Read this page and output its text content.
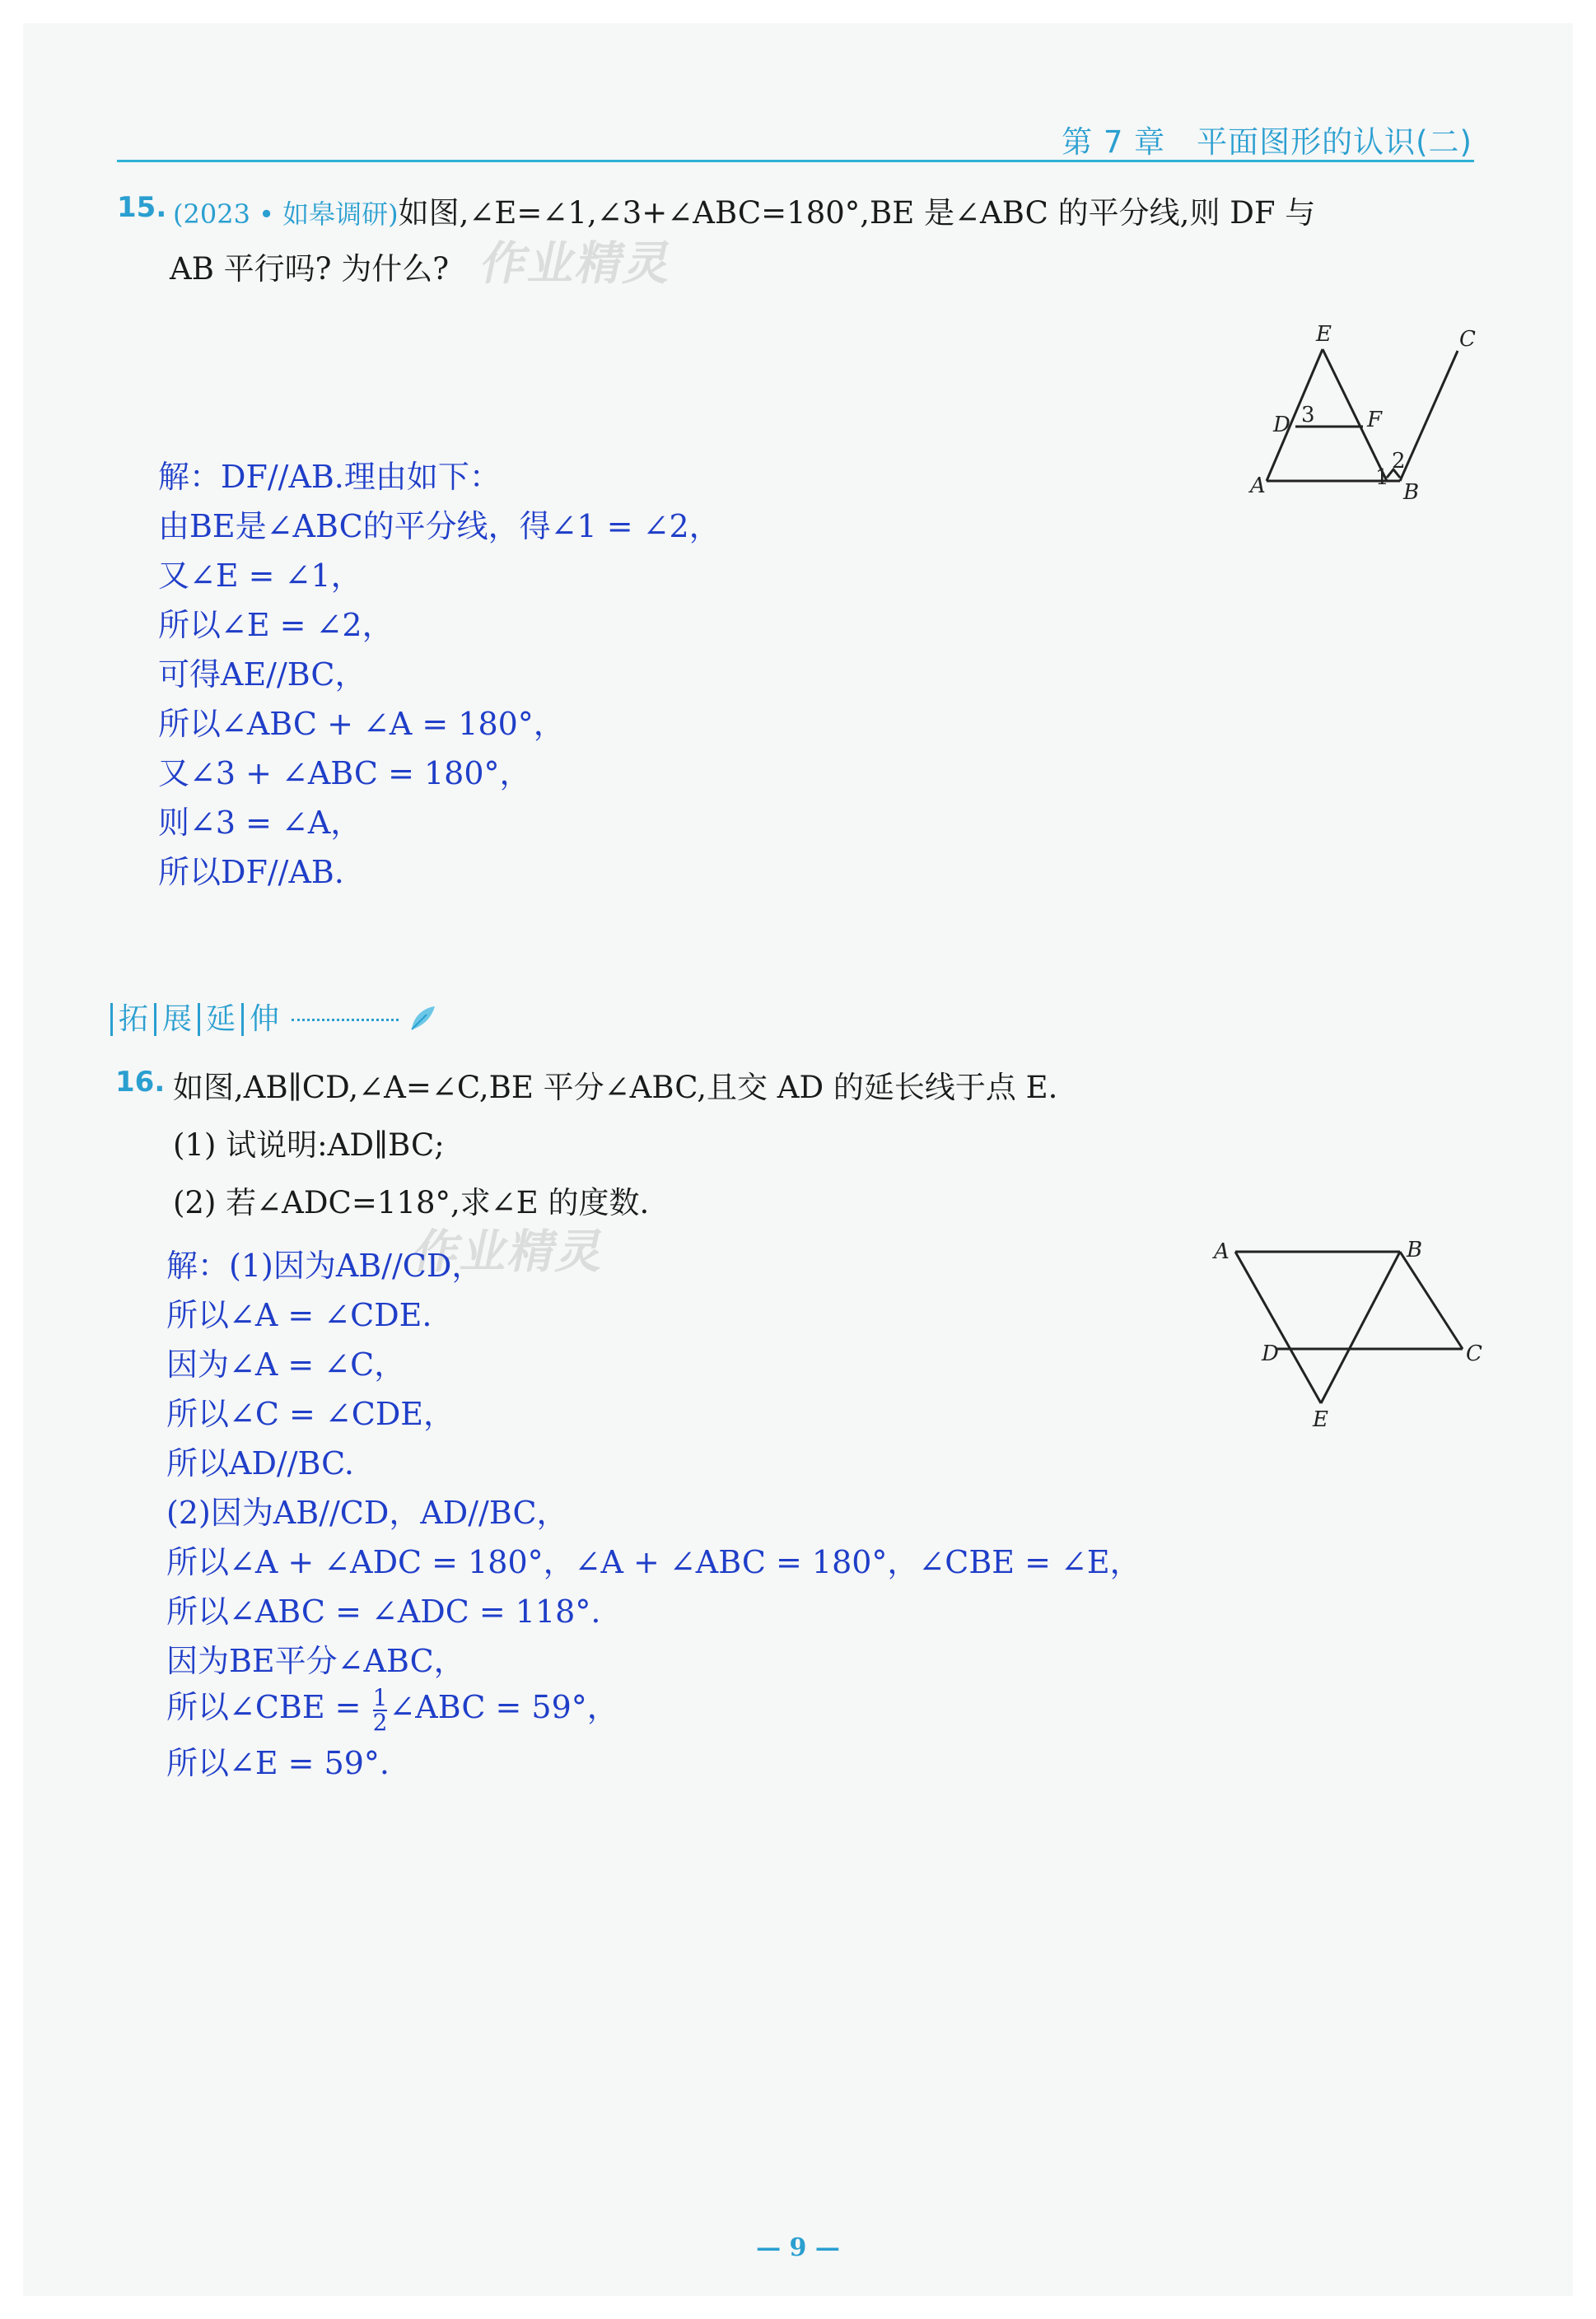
第 7 章　平面图形的认识(二)
15. (2023 • 如皋调研)如图,∠E=∠1,∠3+∠ABC=180°,BE 是∠ABC 的平分线,则 DF 与
AB 平行吗? 为什么? 作业精灵
E	C
D 3 F
2
A	1
B
解：DF//AB.理由如下：
由BE是∠ABC的平分线，得∠1 = ∠2，
又∠E = ∠1，
所以∠E = ∠2，
可得AE//BC，
所以∠ABC + ∠A = 180°，
又∠3 + ∠ABC = 180°，
则∠3 = ∠A，
所以DF//AB.
拓 展 延 伸
16. 如图,AB∥CD,∠A=∠C,BE 平分∠ABC,且交 AD 的延长线于点 E.
(1) 试说明:AD∥BC;
(2) 若∠ADC=118°,求∠E 的度数.
作业精灵	A	B
D	C
E
解：(1)因为AB//CD，
所以∠A = ∠CDE.
因为∠A = ∠C，
所以∠C = ∠CDE，
所以AD//BC.
(2)因为AB//CD，AD//BC，
所以∠A + ∠ADC = 180°，∠A + ∠ABC = 180°，∠CBE = ∠E，
所以∠ABC = ∠ADC = 118°.
因为BE平分∠ABC，
所以∠CBE = $\frac{1}{2}$ ∠ABC = 59°，
所以∠E = 59°.
— 9 —
